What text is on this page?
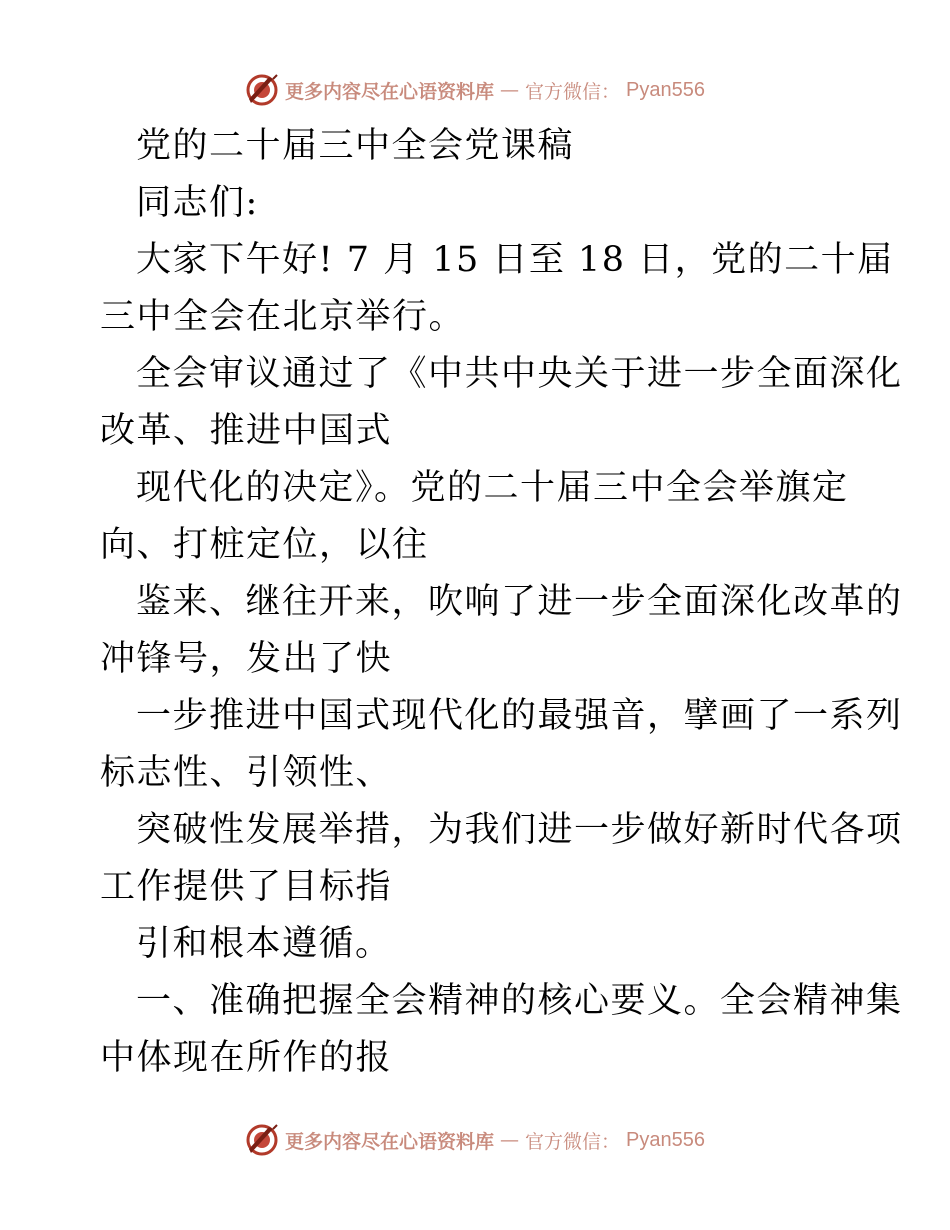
更多内容尽在心语资料库 — 官方微信： Pyan556
党的二十届三中全会党课稿
同志们:
大家下午好! 7 月 15 日至 18 日，党的二十届
三中全会在北京举行。
全会审议通过了《中共中央关于进一步全面深化
改革、推进中国式
现代化的决定》。党的二十届三中全会举旗定
向、打桩定位，以往
鉴来、继往开来，吹响了进一步全面深化改革的
冲锋号，发出了快
一步推进中国式现代化的最强音，擘画了一系列
标志性、引领性、
突破性发展举措，为我们进一步做好新时代各项
工作提供了目标指
引和根本遵循。
一、准确把握全会精神的核心要义。全会精神集
中体现在所作的报
更多内容尽在心语资料库 — 官方微信： Pyan556
